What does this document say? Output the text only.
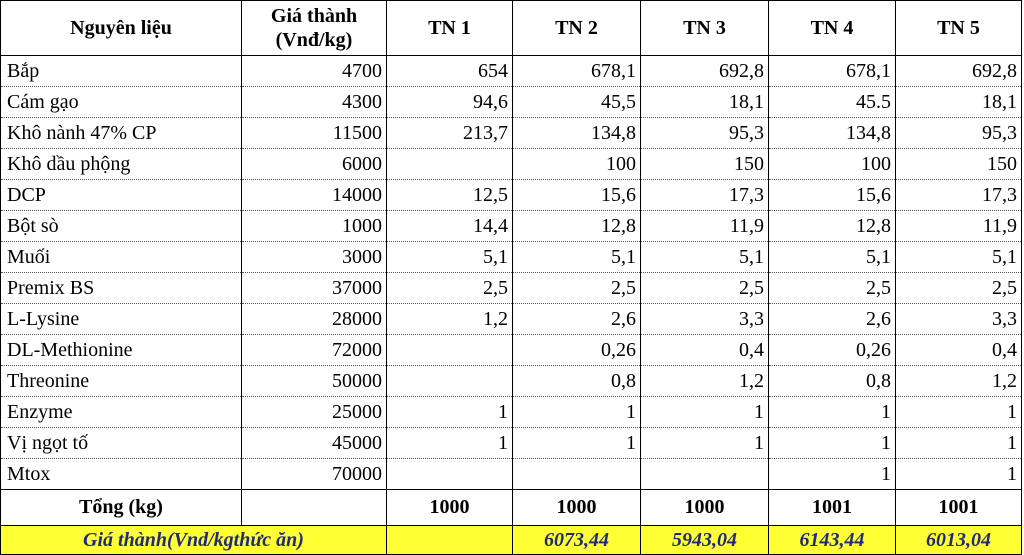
Nguyên liệu	Giá thành (Vnđ/kg)	TN 1	TN 2	TN 3	TN 4	TN 5
Bắp	4700	654	678,1	692,8	678,1	692,8
Cám gạo	4300	94,6	45,5	18,1	45.5	18,1
Khô nành 47% CP	11500	213,7	134,8	95,3	134,8	95,3
Khô dầu phộng	6000		100	150	100	150
DCP	14000	12,5	15,6	17,3	15,6	17,3
Bột sò	1000	14,4	12,8	11,9	12,8	11,9
Muối	3000	5,1	5,1	5,1	5,1	5,1
Premix BS	37000	2,5	2,5	2,5	2,5	2,5
L-Lysine	28000	1,2	2,6	3,3	2,6	3,3
DL-Methionine	72000		0,26	0,4	0,26	0,4
Threonine	50000		0,8	1,2	0,8	1,2
Enzyme	25000	1	1	1	1	1
Vị ngọt tố	45000	1	1	1	1	1
Mtox	70000				1	1
Tổng (kg)		1000	1000	1000	1001	1001
Giá thành(Vnd/kgthức ăn)			6073,44	5943,04	6143,44	6013,04
